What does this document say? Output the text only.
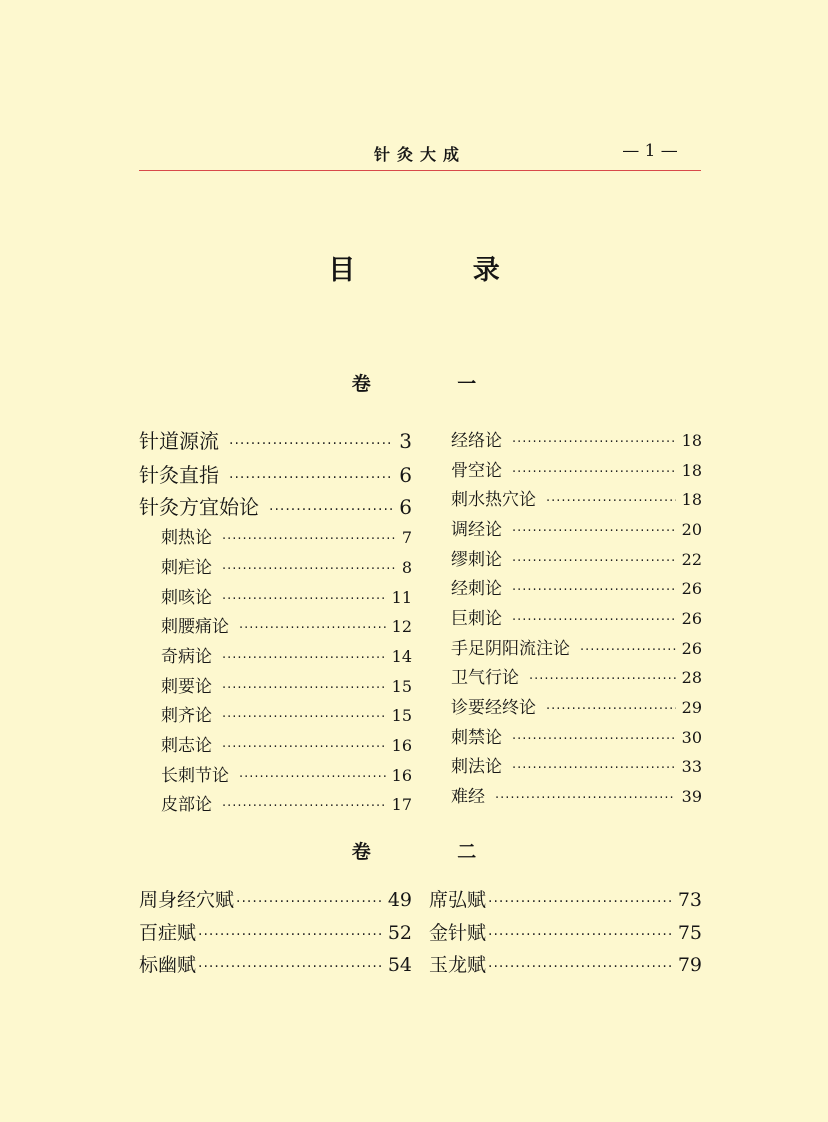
针灸大成	— 1 —
目 录
卷 一
针道源流 ·····	3
针灸直指 ·····	6
针灸方宜始论 ·····	6
刺热论 ·····	7
刺疟论 ·····	8
刺咳论 ·····	11
刺腰痛论 ·····	12
奇病论 ·····	14
刺要论 ·····	15
刺齐论 ·····	15
刺志论 ·····	16
长刺节论 ·····	16
皮部论 ·····	17
经络论 ·····	18
骨空论 ·····	18
刺水热穴论 ·····	18
调经论 ·····	20
缪刺论 ·····	22
经刺论 ·····	26
巨刺论 ·····	26
手足阴阳流注论 ·····	26
卫气行论 ·····	28
诊要经终论 ·····	29
刺禁论 ·····	30
刺法论 ·····	33
难经 ·····	39
卷 二
周身经穴赋 ·····	49
百症赋 ·····	52
标幽赋 ·····	54
席弘赋 ·····	73
金针赋 ·····	75
玉龙赋 ·····	79
